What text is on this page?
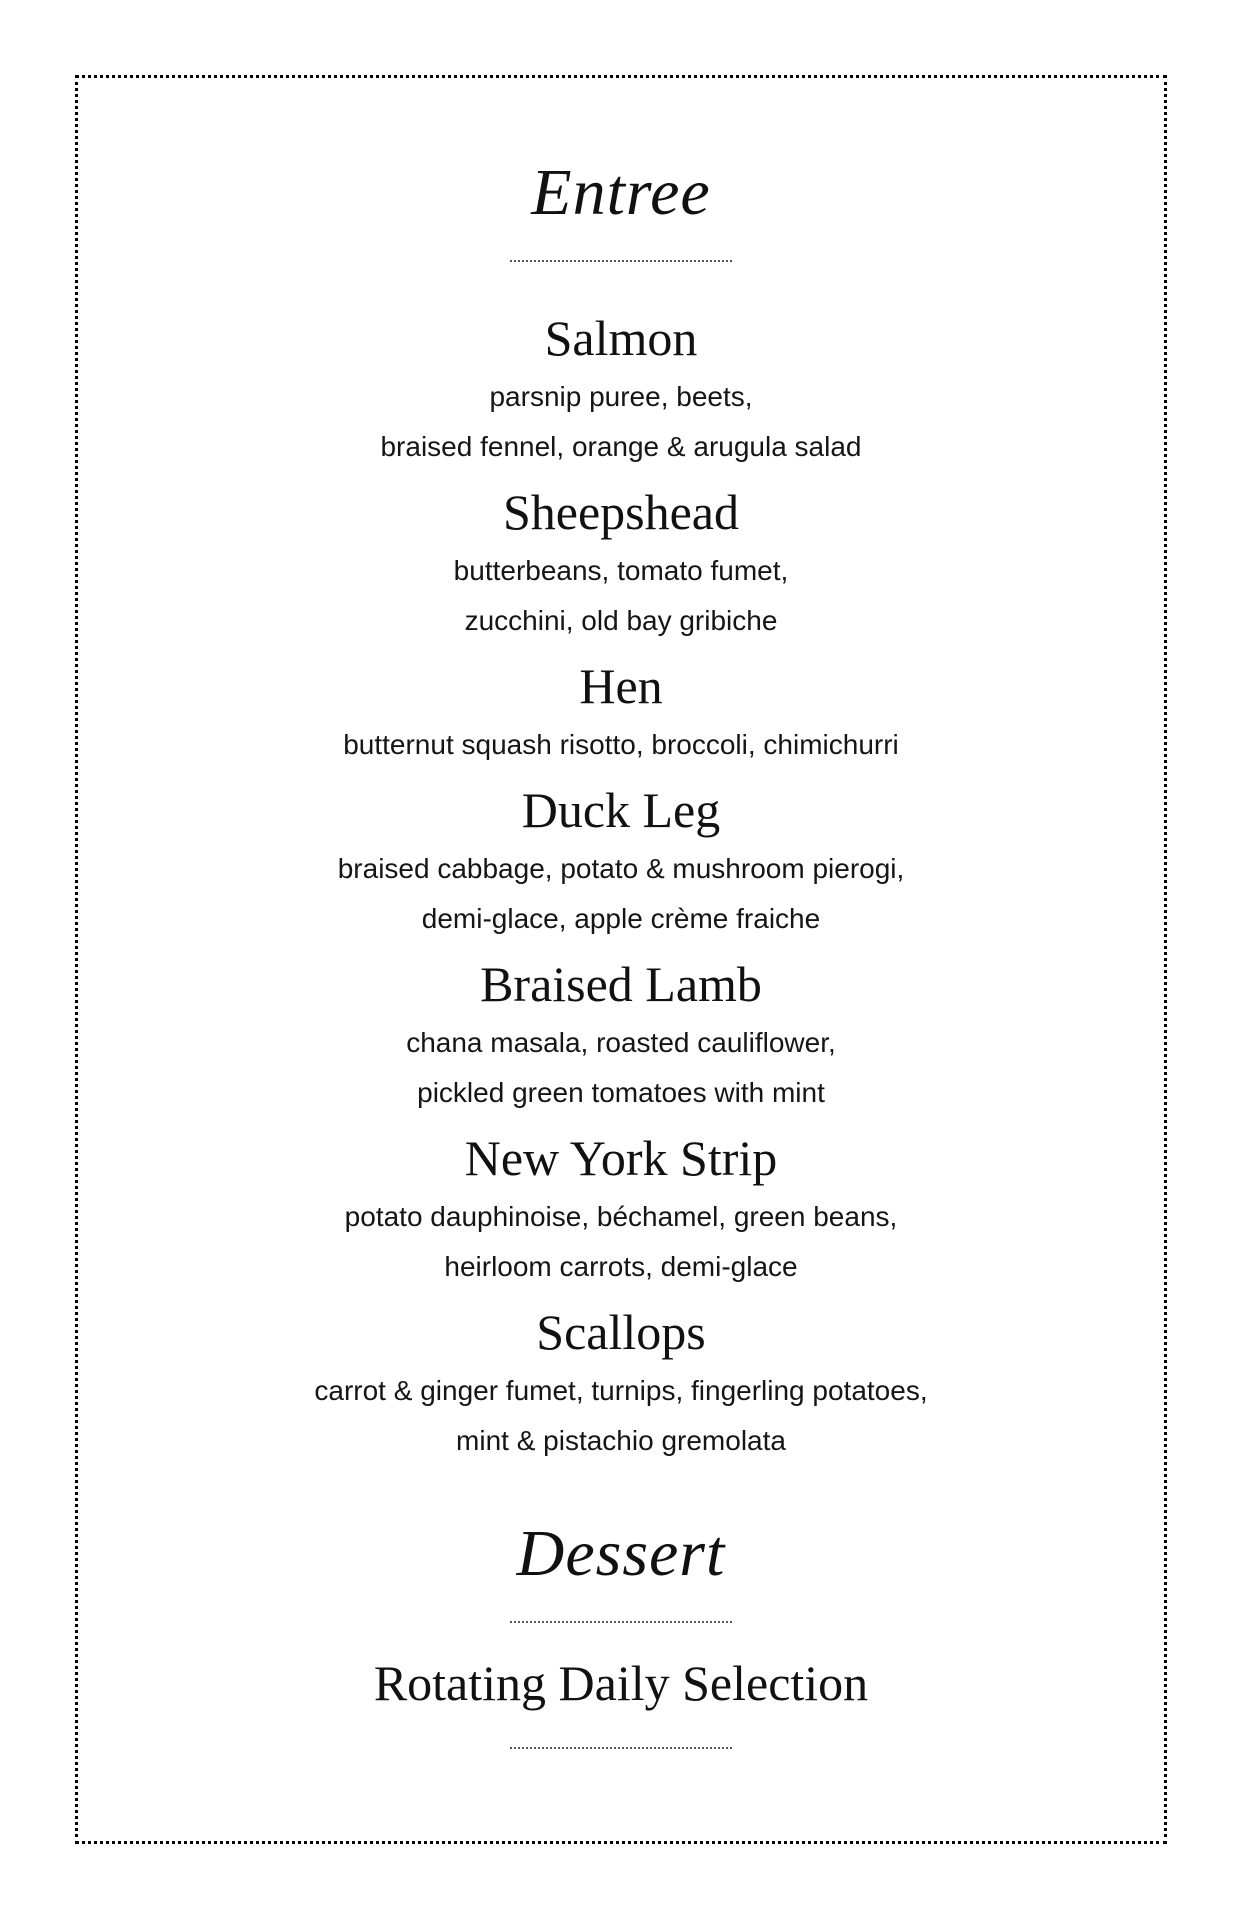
Entree
Salmon
parsnip puree, beets,
braised fennel, orange & arugula salad
Sheepshead
butterbeans, tomato fumet,
zucchini, old bay gribiche
Hen
butternut squash risotto, broccoli, chimichurri
Duck Leg
braised cabbage, potato & mushroom pierogi,
demi-glace, apple crème fraiche
Braised Lamb
chana masala, roasted cauliflower,
pickled green tomatoes with mint
New York Strip
potato dauphinoise, béchamel, green beans,
heirloom carrots, demi-glace
Scallops
carrot & ginger fumet, turnips, fingerling potatoes,
mint & pistachio gremolata
Dessert
Rotating Daily Selection
